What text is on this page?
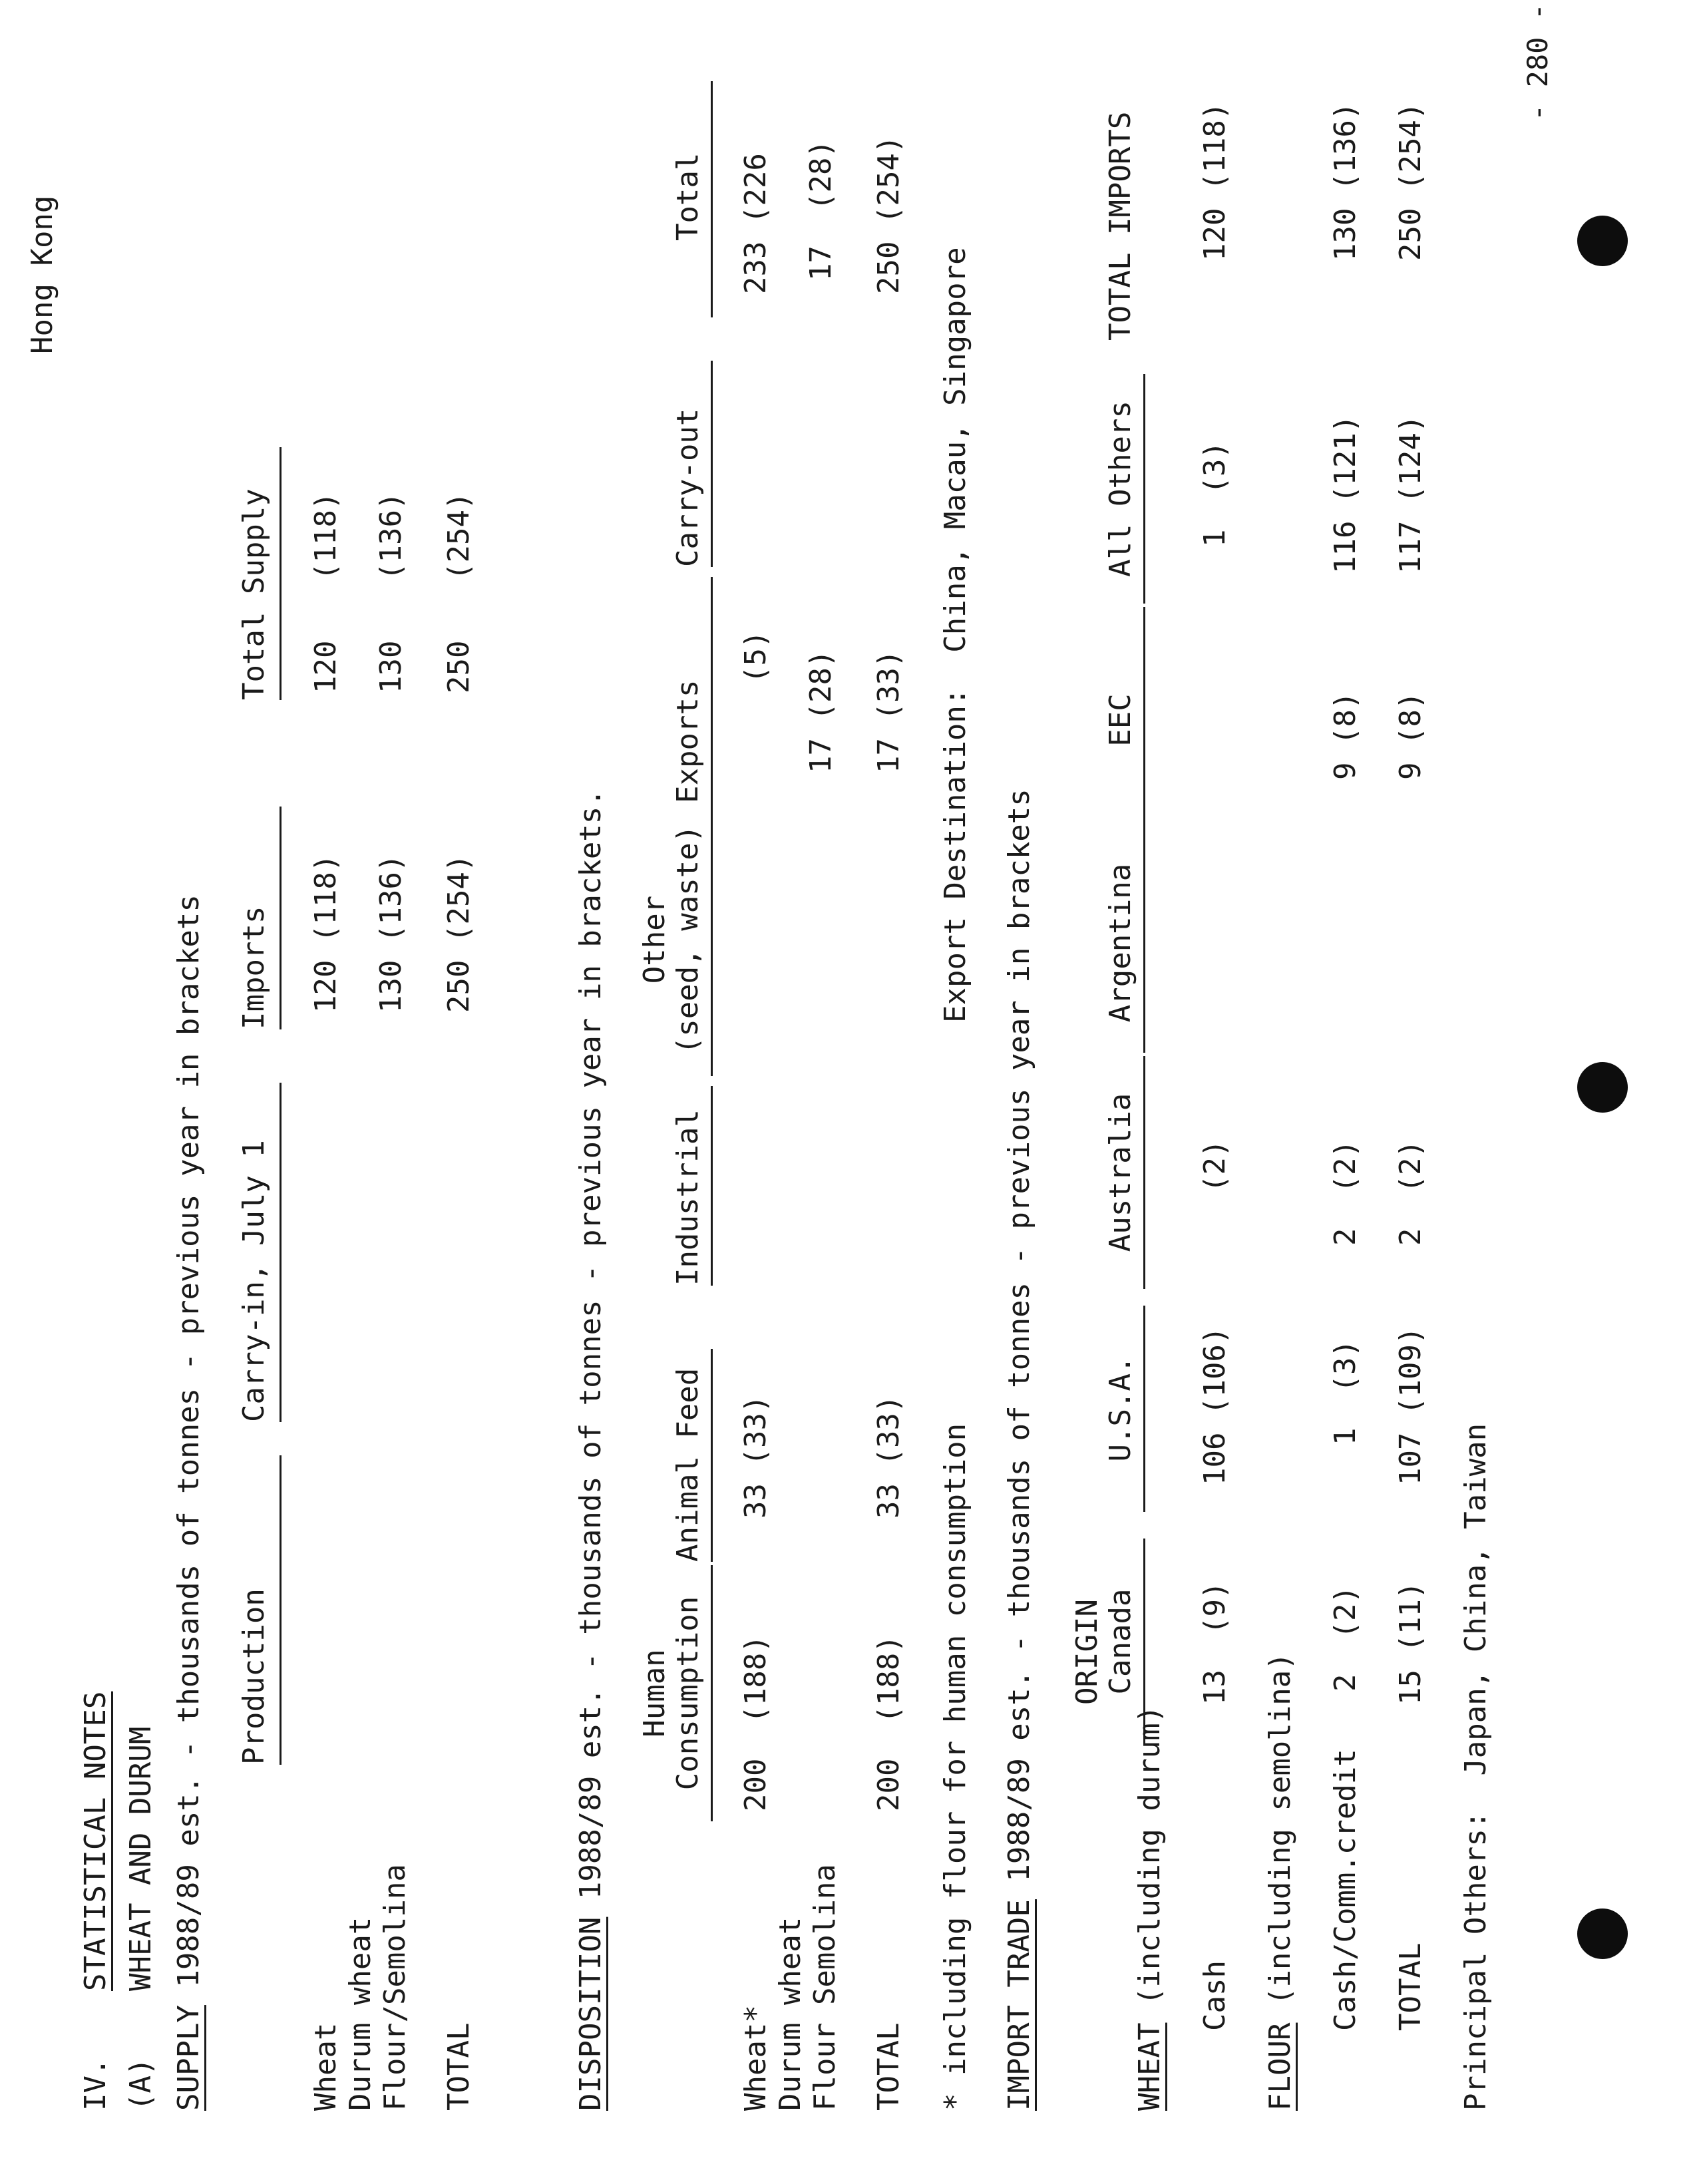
Hong Kong
- 280 -
IV.
STATISTICAL NOTES
(A)
WHEAT AND DURUM
SUPPLY 1988/89 est. - thousands of tonnes - previous year in brackets Production
Carry-in, July 1
Imports
Total Supply
Wheat
120 (118)
120
(118)
Durum wheat Flour/Semolina
130 (136)
130
(136)
TOTAL
250 (254)
250
(254)
DISPOSITION 1988/89 est. - thousands of tonnes - previous year in brackets. Human Consumption
Animal Feed
Industrial
Other (seed, waste)
Exports
Carry-out
Total
Wheat*
200  (188)
33 (33)
(5)
233 (226
Durum wheat Flour Semolina
17 (28)
17  (28)
TOTAL
200  (188)
33 (33)
17 (33)
250 (254)
* including flour for human consumption
Export Destination:  China, Macau, Singapore
IMPORT TRADE 1988/89 est. - thousands of tonnes - previous year in brackets ORIGIN Canada
U.S.A.
Australia
Argentina
EEC
All Others
TOTAL IMPORTS
WHEAT (including durum) Cash
13  (9)
106 (106)
(2)
1  (3)
120 (118)
FLOUR (including semolina) Cash/Comm.credit
2  (2)
1  (3)
2  (2)
9 (8)
116 (121)
130 (136)
TOTAL
15 (11)
107 (109)
2  (2)
9 (8)
117 (124)
250 (254)
Principal Others:  Japan, China, Taiwan
